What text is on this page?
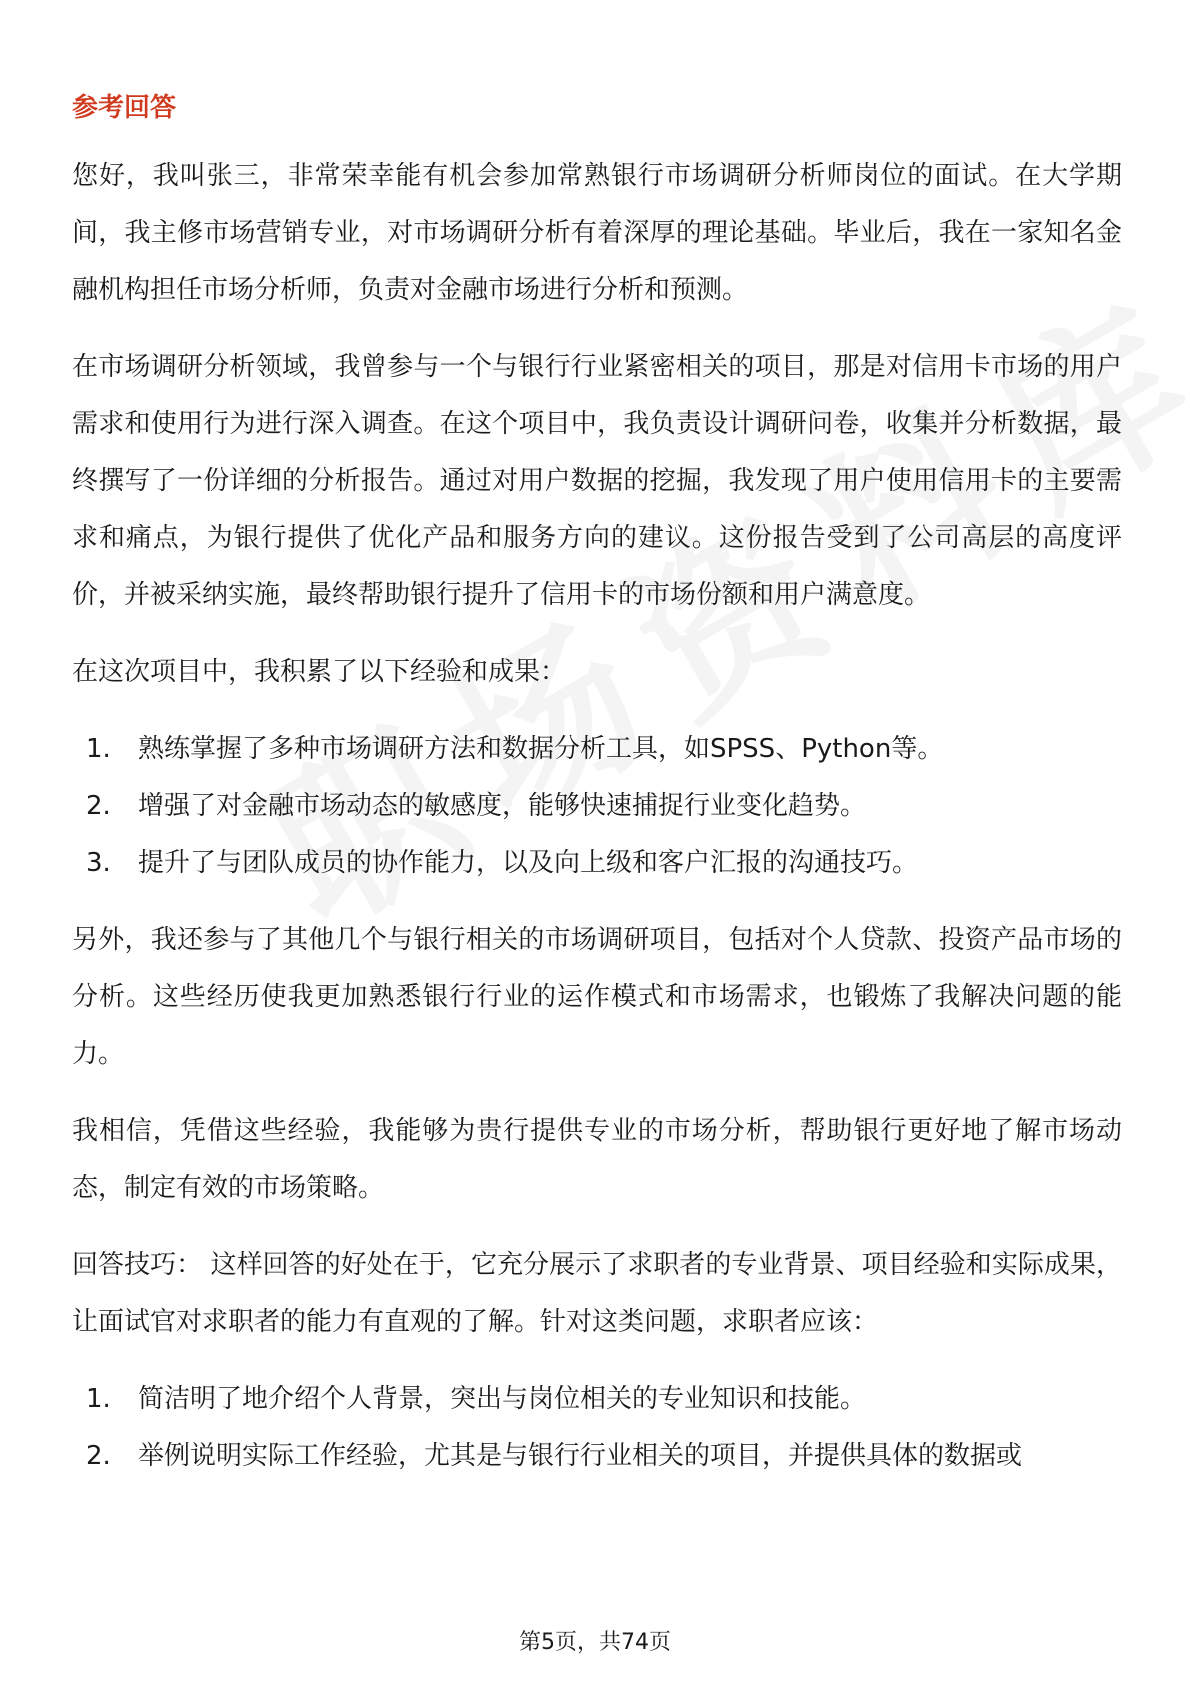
参考回答

您好，我叫张三，非常荣幸能有机会参加常熟银行市场调研分析师岗位的面试。在大学期间，我主修市场营销专业，对市场调研分析有着深厚的理论基础。毕业后，我在一家知名金融机构担任市场分析师，负责对金融市场进行分析和预测。

在市场调研分析领域，我曾参与一个与银行行业紧密相关的项目，那是对信用卡市场的用户需求和使用行为进行深入调查。在这个项目中，我负责设计调研问卷，收集并分析数据，最终撰写了一份详细的分析报告。通过对用户数据的挖掘，我发现了用户使用信用卡的主要需求和痛点，为银行提供了优化产品和服务方向的建议。这份报告受到了公司高层的高度评价，并被采纳实施，最终帮助银行提升了信用卡的市场份额和用户满意度。

在这次项目中，我积累了以下经验和成果：

1.	熟练掌握了多种市场调研方法和数据分析工具，如SPSS、Python等。
2.	增强了对金融市场动态的敏感度，能够快速捕捉行业变化趋势。
3.	提升了与团队成员的协作能力，以及向上级和客户汇报的沟通技巧。

另外，我还参与了其他几个与银行相关的市场调研项目，包括对个人贷款、投资产品市场的分析。这些经历使我更加熟悉银行行业的运作模式和市场需求，也锻炼了我解决问题的能力。

我相信，凭借这些经验，我能够为贵行提供专业的市场分析，帮助银行更好地了解市场动态，制定有效的市场策略。

回答技巧： 这样回答的好处在于，它充分展示了求职者的专业背景、项目经验和实际成果，让面试官对求职者的能力有直观的了解。针对这类问题，求职者应该：

1.	简洁明了地介绍个人背景，突出与岗位相关的专业知识和技能。
2.	举例说明实际工作经验，尤其是与银行行业相关的项目，并提供具体的数据或
第5页，共74页
